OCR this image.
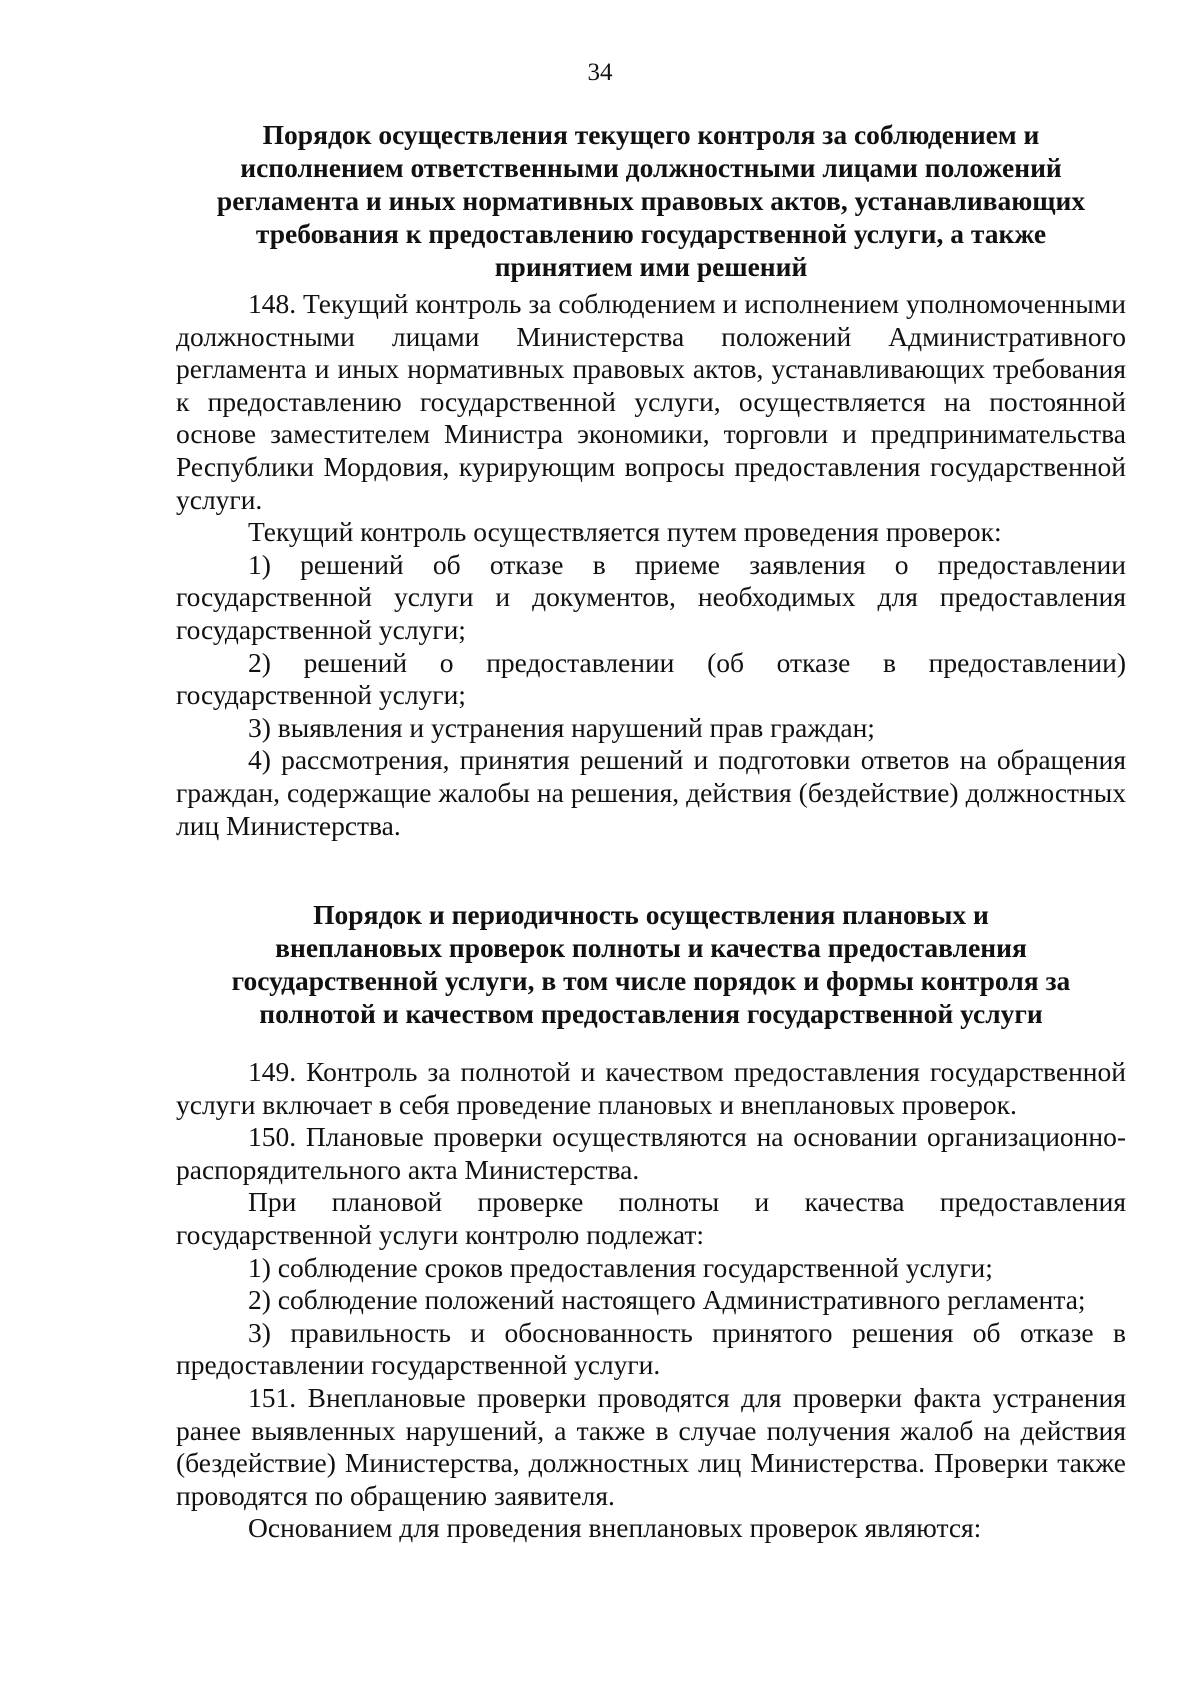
34
Порядок осуществления текущего контроля за соблюдением и
исполнением ответственными должностными лицами положений
регламента и иных нормативных правовых актов, устанавливающих
требования к предоставлению государственной услуги, а также
принятием ими решений

148. Текущий контроль за соблюдением и исполнением уполномоченными должностными лицами Министерства положений Административного регламента и иных нормативных правовых актов, устанавливающих требования к предоставлению государственной услуги, осуществляется на постоянной основе заместителем Министра экономики, торговли и предпринимательства Республики Мордовия, курирующим вопросы предоставления государственной услуги.

Текущий контроль осуществляется путем проведения проверок:

1) решений об отказе в приеме заявления о предоставлении государственной услуги и документов, необходимых для предоставления государственной услуги;

2) решений о предоставлении (об отказе в предоставлении) государственной услуги;

3) выявления и устранения нарушений прав граждан;

4) рассмотрения, принятия решений и подготовки ответов на обращения граждан, содержащие жалобы на решения, действия (бездействие) должностных лиц Министерства.

Порядок и периодичность осуществления плановых и
внеплановых проверок полноты и качества предоставления
государственной услуги, в том числе порядок и формы контроля за
полнотой и качеством предоставления государственной услуги

149. Контроль за полнотой и качеством предоставления государственной услуги включает в себя проведение плановых и внеплановых проверок.

150. Плановые проверки осуществляются на основании организационно-распорядительного акта Министерства.

При плановой проверке полноты и качества предоставления государственной услуги контролю подлежат:

1) соблюдение сроков предоставления государственной услуги;

2) соблюдение положений настоящего Административного регламента;

3) правильность и обоснованность принятого решения об отказе в предоставлении государственной услуги.

151. Внеплановые проверки проводятся для проверки факта устранения ранее выявленных нарушений, а также в случае получения жалоб на действия (бездействие) Министерства, должностных лиц Министерства. Проверки также проводятся по обращению заявителя.

Основанием для проведения внеплановых проверок являются:
